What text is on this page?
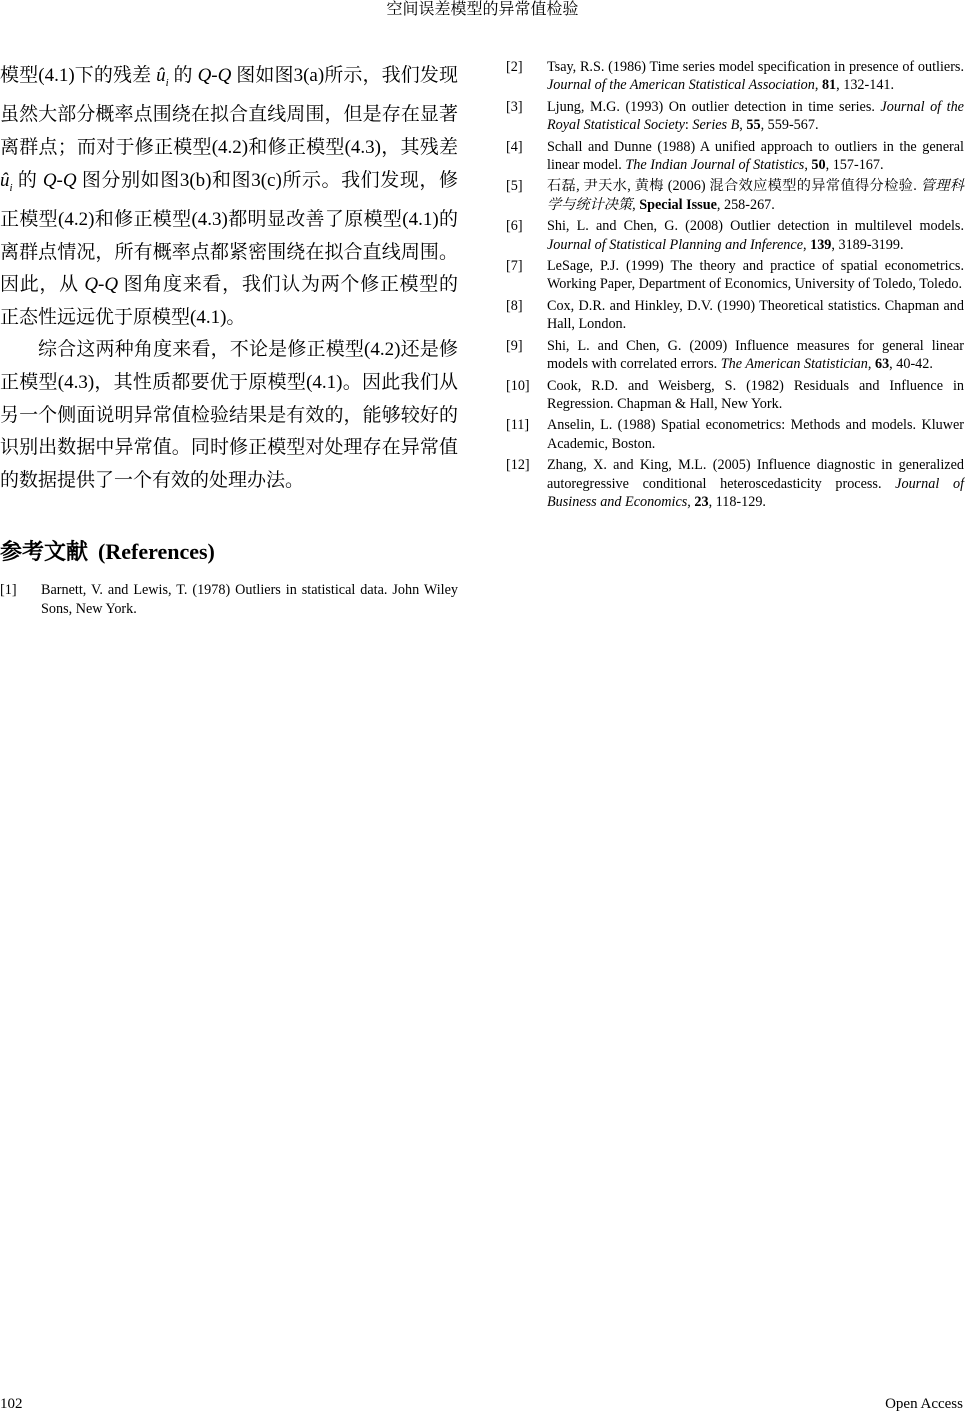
空间误差模型的异常值检验

模型(4.1)下的残差 $û_i$ 的 Q-Q 图如图3(a)所示，我们发现虽然大部分概率点围绕在拟合直线周围，但是存在显著离群点；而对于修正模型(4.2)和修正模型(4.3)，其残差 $û_i$ 的 Q-Q 图分别如图3(b)和图3(c)所示。我们发现，修正模型(4.2)和修正模型(4.3)都明显改善了原模型(4.1)的离群点情况，所有概率点都紧密围绕在拟合直线周围。因此，从 Q-Q 图角度来看，我们认为两个修正模型的正态性远远优于原模型(4.1)。

综合这两种角度来看，不论是修正模型(4.2)还是修正模型(4.3)，其性质都要优于原模型(4.1)。因此我们从另一个侧面说明异常值检验结果是有效的，能够较好的识别出数据中异常值。同时修正模型对处理存在异常值的数据提供了一个有效的处理办法。

参考文献 (References)
[1]	Barnett, V. and Lewis, T. (1978) Outliers in statistical data. John Wiley Sons, New York.
[2]	Tsay, R.S. (1986) Time series model specification in presence of outliers. Journal of the American Statistical Association, 81, 132-141.
[3]	Ljung, M.G. (1993) On outlier detection in time series. Journal of the Royal Statistical Society: Series B, 55, 559-567.
[4]	Schall and Dunne (1988) A unified approach to outliers in the general linear model. The Indian Journal of Statistics, 50, 157-167.
[5]	石磊, 尹天水, 黄梅 (2006) 混合效应模型的异常值得分检验. 管理科学与统计决策, Special Issue, 258-267.
[6]	Shi, L. and Chen, G. (2008) Outlier detection in multilevel models. Journal of Statistical Planning and Inference, 139, 3189-3199.
[7]	LeSage, P.J. (1999) The theory and practice of spatial econometrics. Working Paper, Department of Economics, University of Toledo, Toledo.
[8]	Cox, D.R. and Hinkley, D.V. (1990) Theoretical statistics. Chapman and Hall, London.
[9]	Shi, L. and Chen, G. (2009) Influence measures for general linear models with correlated errors. The American Statistician, 63, 40-42.
[10]	Cook, R.D. and Weisberg, S. (1982) Residuals and Influence in Regression. Chapman & Hall, New York.
[11]	Anselin, L. (1988) Spatial econometrics: Methods and models. Kluwer Academic, Boston.
[12]	Zhang, X. and King, M.L. (2005) Influence diagnostic in generalized autoregressive conditional heteroscedasticity process. Journal of Business and Economics, 23, 118-129.
102	Open Access
